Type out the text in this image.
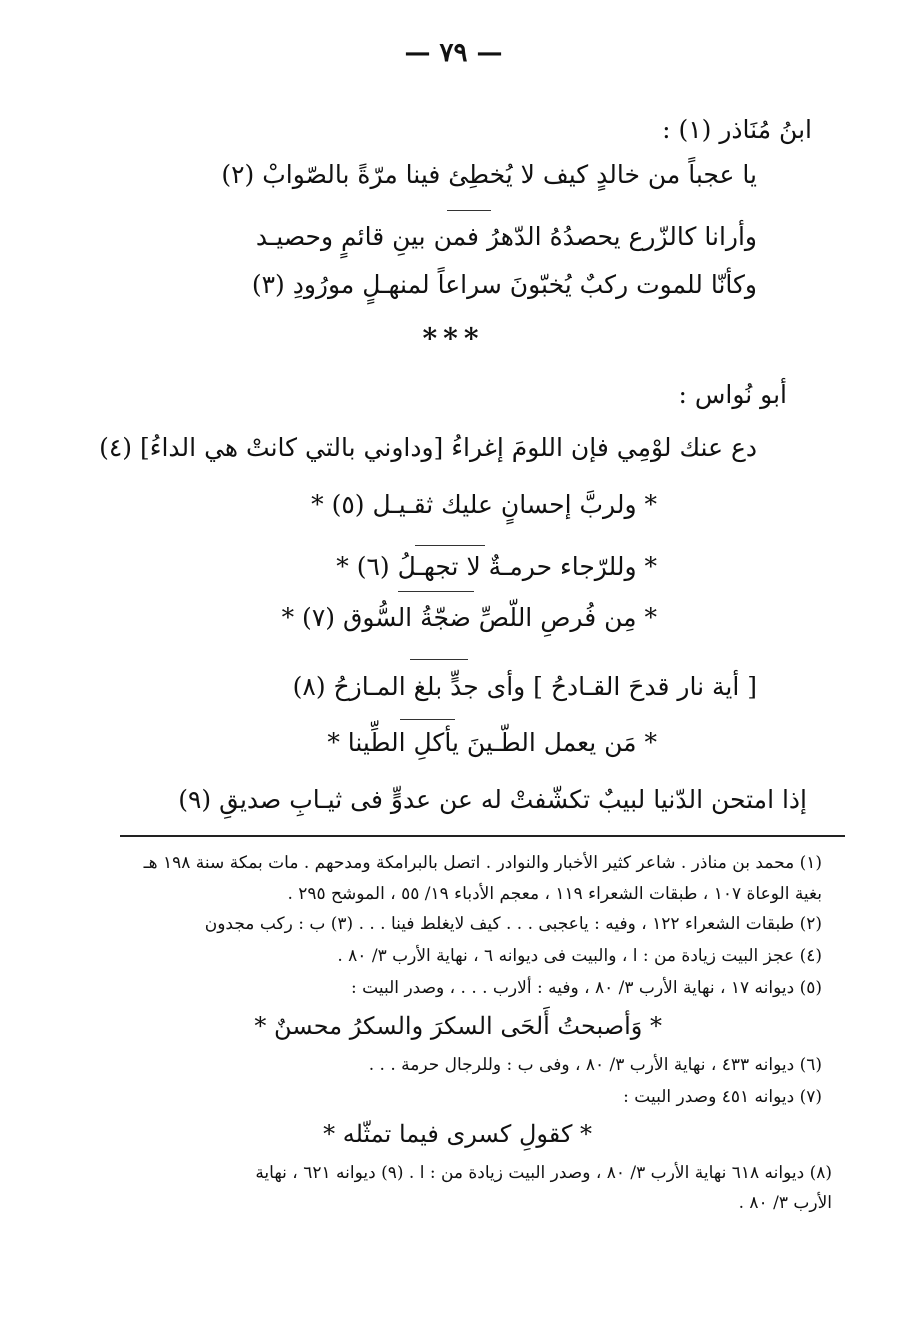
— ٧٩ —
ابنُ مُنَاذر (١) :
يا عجباً من خالدٍ كيف لا يُخطِئ فينا مرّةً بالصّوابْ (٢)
وأرانا كالزّرع يحصدُهُ الدّهرُ فمن بينِ قائمٍ وحصيـد
وكأنّا للموت ركبٌ يُخبّونَ سراعاً لمنهـلٍ مورُودِ (٣)
***
أبو نُواس :
دع عنك لوْمِي فإن اللومَ إغراءُ [وداوني بالتي كانتْ هي الداءُ] (٤)
* ولربَّ إحسانٍ عليك ثقـيـل (٥) *
* وللرّجاء حرمـةٌ لا تجهـلُ (٦) *
* مِن فُرصِ اللّصِّ ضجّةُ السُّوق (٧) *
[ أية نار قدحَ القـادحُ ] وأى جدٍّ بلغ المـازحُ (٨)
* مَن يعمل الطّـينَ يأكلِ الطِّينا *
إذا امتحن الدّنيا لبيبٌ تكشّفتْ له عن عدوٍّ فى ثيـابِ صديقِ (٩)
(١) محمد بن مناذر . شاعر كثير الأخبار والنوادر . اتصل بالبرامكة ومدحهم . مات بمكة سنة ١٩٨ هـ
بغية الوعاة ١٠٧ ، طبقات الشعراء ١١٩ ، معجم الأدباء ١٩/ ٥٥ ، الموشح ٢٩٥ .
(٢) طبقات الشعراء ١٢٢ ، وفيه : ياعجبى . . . كيف لايغلط فينا . . . (٣) ب : ركب مجدون
(٤) عجز البيت زيادة من : ا ، والبيت فى ديوانه ٦ ، نهاية الأرب ٣/ ٨٠ .
(٥) ديوانه ١٧ ، نهاية الأرب ٣/ ٨٠ ، وفيه : ألارب . . . ، وصدر البيت :
* وَأصبحتُ أَلحَى السكرَ والسكرُ محسنٌ *
(٦) ديوانه ٤٣٣ ، نهاية الأرب ٣/ ٨٠ ، وفى ب : وللرجال حرمة . . .
(٧) ديوانه ٤٥١ وصدر البيت :
* كقولِ كسرى فيما تمثّله *
(٨) ديوانه ٦١٨ نهاية الأرب ٣/ ٨٠ ، وصدر البيت زيادة من : ا . (٩) ديوانه ٦٢١ ، نهاية
الأرب ٣/ ٨٠ .
